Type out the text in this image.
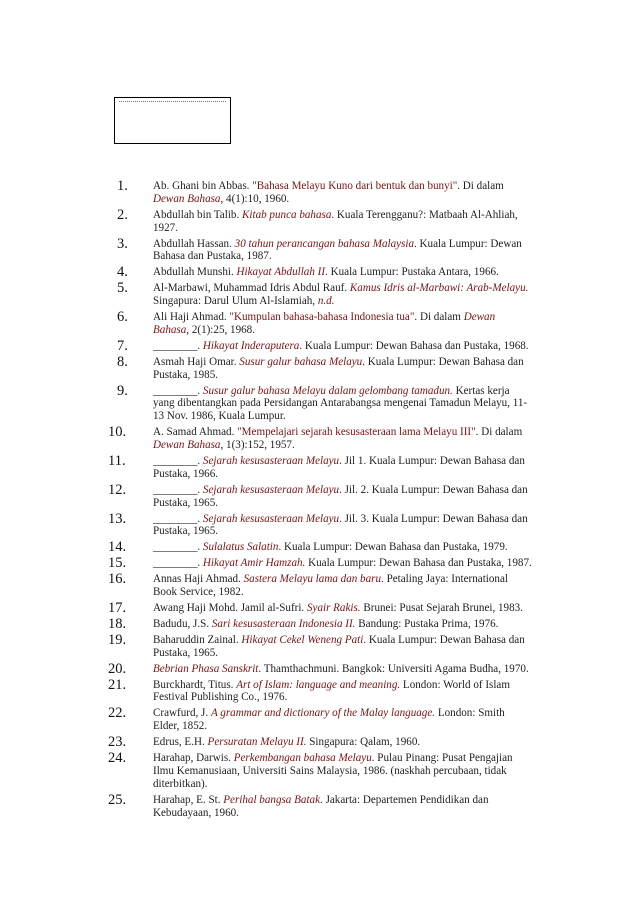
1. Ab. Ghani bin Abbas. "Bahasa Melayu Kuno dari bentuk dan bunyi". Di dalam Dewan Bahasa, 4(1):10, 1960.
2. Abdullah bin Talib. Kitab punca bahasa. Kuala Terengganu?: Matbaah Al-Ahliah, 1927.
3. Abdullah Hassan. 30 tahun perancangan bahasa Malaysia. Kuala Lumpur: Dewan Bahasa dan Pustaka, 1987.
4. Abdullah Munshi. Hikayat Abdullah II. Kuala Lumpur: Pustaka Antara, 1966.
5. Al-Marbawi, Muhammad Idris Abdul Rauf. Kamus Idris al-Marbawi: Arab-Melayu. Singapura: Darul Ulum Al-Islamiah, n.d.
6. Ali Haji Ahmad. "Kumpulan bahasa-bahasa Indonesia tua". Di dalam Dewan Bahasa, 2(1):25, 1968.
7. ________. Hikayat Inderaputera. Kuala Lumpur: Dewan Bahasa dan Pustaka, 1968.
8. Asmah Haji Omar. Susur galur bahasa Melayu. Kuala Lumpur: Dewan Bahasa dan Pustaka, 1985.
9. ________. Susur galur bahasa Melayu dalam gelombang tamadun. Kertas kerja yang dibentangkan pada Persidangan Antarabangsa mengenai Tamadun Melayu, 11-13 Nov. 1986, Kuala Lumpur.
10. A. Samad Ahmad. "Mempelajari sejarah kesusasteraan lama Melayu III". Di dalam Dewan Bahasa, 1(3):152, 1957.
11. ________. Sejarah kesusasteraan Melayu. Jil 1. Kuala Lumpur: Dewan Bahasa dan Pustaka, 1966.
12. ________. Sejarah kesusasteraan Melayu. Jil. 2. Kuala Lumpur: Dewan Bahasa dan Pustaka, 1965.
13. ________. Sejarah kesusasteraan Melayu. Jil. 3. Kuala Lumpur: Dewan Bahasa dan Pustaka, 1965.
14. ________. Sulalatus Salatin. Kuala Lumpur: Dewan Bahasa dan Pustaka, 1979.
15. ________. Hikayat Amir Hamzah. Kuala Lumpur: Dewan Bahasa dan Pustaka, 1987.
16. Annas Haji Ahmad. Sastera Melayu lama dan baru. Petaling Jaya: International Book Service, 1982.
17. Awang Haji Mohd. Jamil al-Sufri. Syair Rakis. Brunei: Pusat Sejarah Brunei, 1983.
18. Badudu, J.S. Sari kesusasteraan Indonesia II. Bandung: Pustaka Prima, 1976.
19. Baharuddin Zainal. Hikayat Cekel Weneng Pati. Kuala Lumpur: Dewan Bahasa dan Pustaka, 1965.
20. Bebrian Phasa Sanskrit. Thamthachmuni. Bangkok: Universiti Agama Budha, 1970.
21. Burckhardt, Titus. Art of Islam: language and meaning. London: World of Islam Festival Publishing Co., 1976.
22. Crawfurd, J. A grammar and dictionary of the Malay language. London: Smith Elder, 1852.
23. Edrus, E.H. Persuratan Melayu II. Singapura: Qalam, 1960.
24. Harahap, Darwis. Perkembangan bahasa Melayu. Pulau Pinang: Pusat Pengajian Ilmu Kemanusiaan, Universiti Sains Malaysia, 1986. (naskhah percubaan, tidak diterbitkan).
25. Harahap, E. St. Perihal bangsa Batak. Jakarta: Departemen Pendidikan dan Kebudayaan, 1960.
